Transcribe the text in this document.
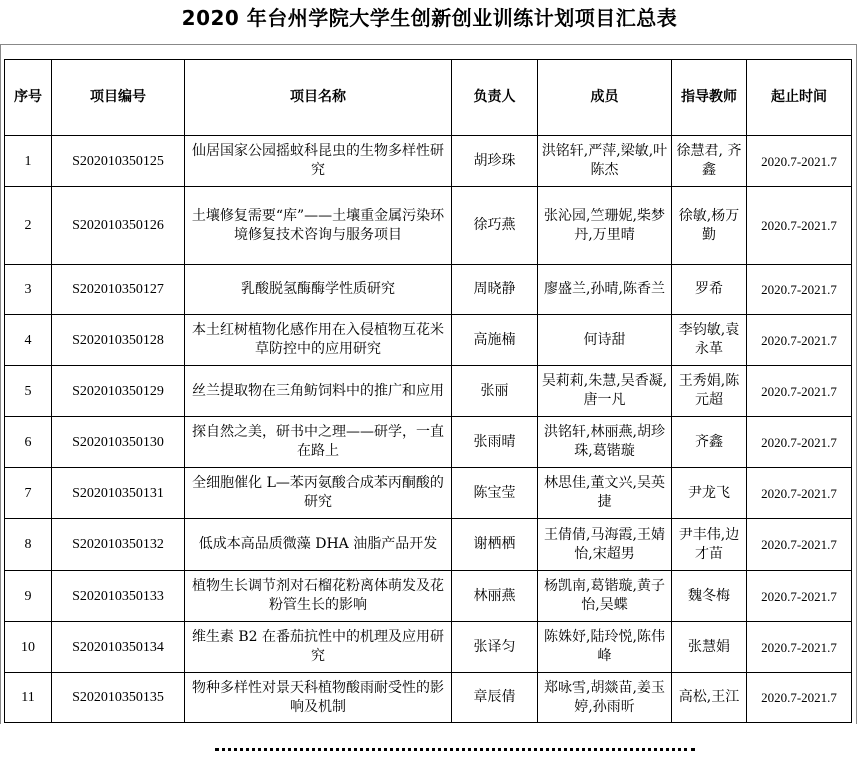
2020 年台州学院大学生创新创业训练计划项目汇总表
序号	项目编号	项目名称	负责人	成员	指导教师	起止时间
1	S202010350125	仙居国家公园摇蚊科昆虫的生物多样性研究	胡珍珠	洪铭轩,严萍,梁敏,叶陈杰	徐慧君, 齐　鑫	2020.7-2021.7
2	S202010350126	土壤修复需要“库”——土壤重金属污染环境修复技术咨询与服务项目	徐巧燕	张沁园,竺珊妮,柴梦丹,万里晴	徐敏,杨万勤	2020.7-2021.7
3	S202010350127	乳酸脱氢酶酶学性质研究	周晓静	廖盛兰,孙晴,陈香兰	罗希	2020.7-2021.7
4	S202010350128	本土红树植物化感作用在入侵植物互花米草防控中的应用研究	高施楠	何诗甜	李钧敏,袁永革	2020.7-2021.7
5	S202010350129	丝兰提取物在三角鲂饲料中的推广和应用	张丽	吴莉莉,朱慧,吴香凝,唐一凡	王秀娟,陈元超	2020.7-2021.7
6	S202010350130	探自然之美，研书中之理——研学，一直在路上	张雨晴	洪铭轩,林丽燕,胡珍珠,葛锴璇	齐鑫	2020.7-2021.7
7	S202010350131	全细胞催化 L—苯丙氨酸合成苯丙酮酸的研究	陈宝莹	林思佳,董文兴,吴英捷	尹龙飞	2020.7-2021.7
8	S202010350132	低成本高品质微藻 DHA 油脂产品开发	谢栖栖	王倩倩,马海霞,王婧怡,宋超男	尹丰伟,边才苗	2020.7-2021.7
9	S202010350133	植物生长调节剂对石榴花粉离体萌发及花粉管生长的影响	林丽燕	杨凯南,葛锴璇,黄子怡,吴蝶	魏冬梅	2020.7-2021.7
10	S202010350134	维生素 B2 在番茄抗性中的机理及应用研究	张译匀	陈姝妤,陆玲悦,陈伟峰	张慧娟	2020.7-2021.7
11	S202010350135	物种多样性对景天科植物酸雨耐受性的影响及机制	章辰倩	郑咏雪,胡燚苗,姜玉婷,孙雨昕	高松,王江	2020.7-2021.7
